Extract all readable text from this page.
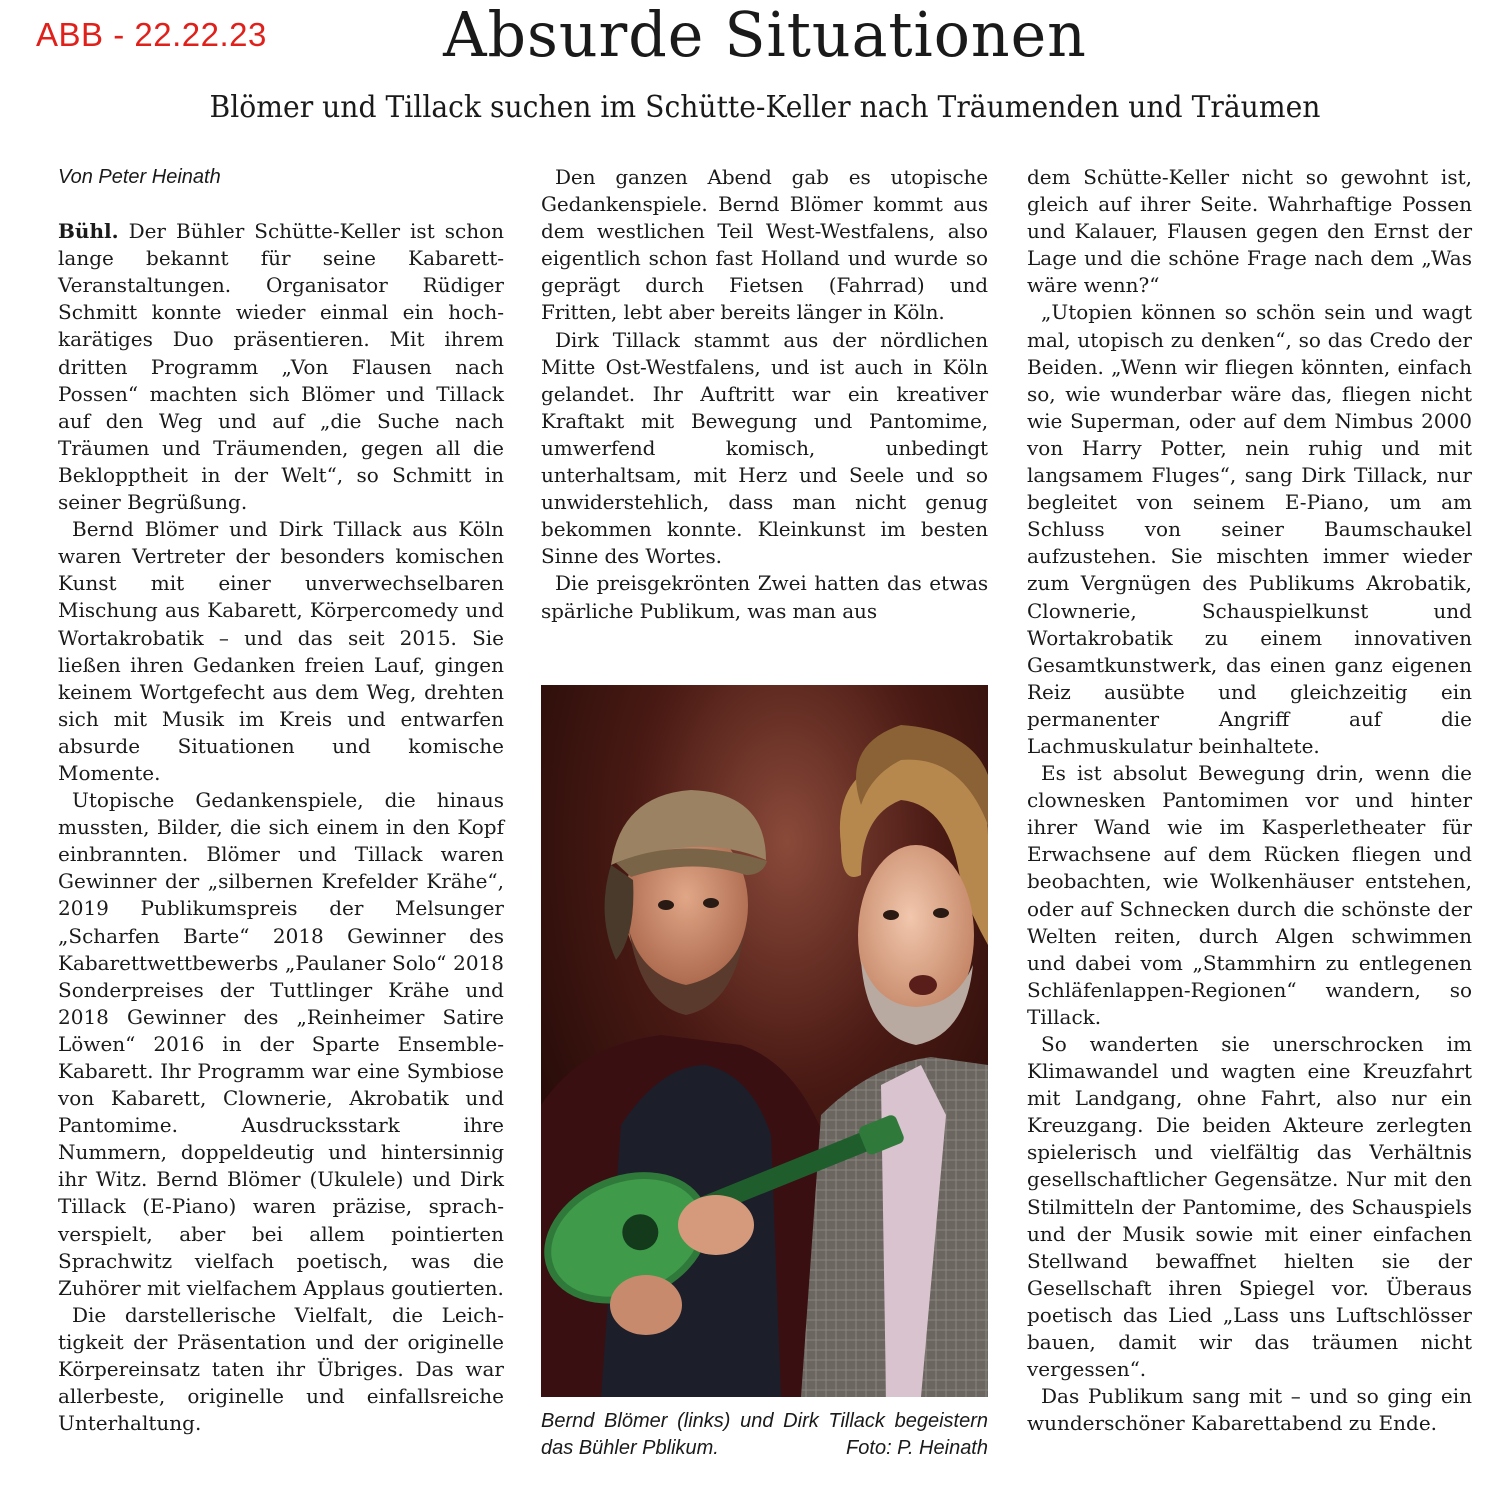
ABB - 22.22.23	Absurde Situationen
Blömer und Tillack suchen im Schütte-Keller nach Träumenden und Träumen

Von Peter Heinath

Bühl. Der Bühler Schütte-Keller ist schon lange bekannt für seine Kabarett-Veranstaltungen. Organisator Rüdiger Schmitt konnte wieder einmal ein hochkarätiges Duo präsentieren. Mit ihrem dritten Programm „Von Flausen nach Possen“ machten sich Blömer und Tillack auf den Weg und auf „die Suche nach Träumen und Träumenden, gegen all die Beklopptheit in der Welt“, so Schmitt in seiner Begrüßung.

Bernd Blömer und Dirk Tillack aus Köln waren Vertreter der besonders komischen Kunst mit einer unverwechselbaren Mischung aus Kabarett, Körpercomedy und Wortakrobatik – und das seit 2015. Sie ließen ihren Gedanken freien Lauf, gingen keinem Wortgefecht aus dem Weg, drehten sich mit Musik im Kreis und entwarfen absurde Situationen und komische Momente.

Utopische Gedankenspiele, die hinaus mussten, Bilder, die sich einem in den Kopf einbrannten. Blömer und Tillack waren Gewinner der „silbernen Krefelder Krähe“, 2019 Publikumspreis der Melsunger „Scharfen Barte“ 2018 Gewinner des Kabarettwettbewerbs „Paulaner Solo“ 2018 Sonderpreises der Tuttlinger Krähe und 2018 Gewinner des „Reinheimer Satire Löwen“ 2016 in der Sparte Ensemble-Kabarett. Ihr Programm war eine Symbiose von Kabarett, Clownerie, Akrobatik und Pantomime. Ausdrucksstark ihre Nummern, doppeldeutig und hintersinnig ihr Witz. Bernd Blömer (Ukulele) und Dirk Tillack (E-Piano) waren präzise, sprach-verspielt, aber bei allem pointierten Sprachwitz vielfach poetisch, was die Zuhörer mit vielfachem Applaus goutierten.

Die darstellerische Vielfalt, die Leichtigkeit der Präsentation und der originelle Körpereinsatz taten ihr Übriges. Das war allerbeste, originelle und einfallsreiche Unterhaltung.

Den ganzen Abend gab es utopische Gedankenspiele. Bernd Blömer kommt aus dem westlichen Teil West-Westfalens, also eigentlich schon fast Holland und wurde so geprägt durch Fietsen (Fahrrad) und Fritten, lebt aber bereits länger in Köln.

Dirk Tillack stammt aus der nördlichen Mitte Ost-Westfalens, und ist auch in Köln gelandet. Ihr Auftritt war ein kreativer Kraftakt mit Bewegung und Pantomime, umwerfend komisch, unbedingt unterhaltsam, mit Herz und Seele und so unwiderstehlich, dass man nicht genug bekommen konnte. Kleinkunst im besten Sinne des Wortes.

Die preisgekrönten Zwei hatten das etwas spärliche Publikum, was man aus

Bernd Blömer (links) und Dirk Tillack begeistern das Bühler Pblikum.	Foto: P. Heinath

dem Schütte-Keller nicht so gewohnt ist, gleich auf ihrer Seite. Wahrhaftige Possen und Kalauer, Flausen gegen den Ernst der Lage und die schöne Frage nach dem „Was wäre wenn?“

„Utopien können so schön sein und wagt mal, utopisch zu denken“, so das Credo der Beiden. „Wenn wir fliegen könnten, einfach so, wie wunderbar wäre das, fliegen nicht wie Superman, oder auf dem Nimbus 2000 von Harry Potter, nein ruhig und mit langsamem Fluges“, sang Dirk Tillack, nur begleitet von seinem E-Piano, um am Schluss von seiner Baumschaukel aufzustehen. Sie mischten immer wieder zum Vergnügen des Publikums Akrobatik, Clownerie, Schauspielkunst und Wortakrobatik zu einem innovativen Gesamtkunstwerk, das einen ganz eigenen Reiz ausübte und gleichzeitig ein permanenter Angriff auf die Lachmuskulatur beinhaltete.

Es ist absolut Bewegung drin, wenn die clownesken Pantomimen vor und hinter ihrer Wand wie im Kasperletheater für Erwachsene auf dem Rücken fliegen und beobachten, wie Wolkenhäuser entstehen, oder auf Schnecken durch die schönste der Welten reiten, durch Algen schwimmen und dabei vom „Stammhirn zu entlegenen Schläfenlappen-Regionen“ wandern, so Tillack.

So wanderten sie unerschrocken im Klimawandel und wagten eine Kreuzfahrt mit Landgang, ohne Fahrt, also nur ein Kreuzgang. Die beiden Akteure zerlegten spielerisch und vielfältig das Verhältnis gesellschaftlicher Gegensätze. Nur mit den Stilmitteln der Pantomime, des Schauspiels und der Musik sowie mit einer einfachen Stellwand bewaffnet hielten sie der Gesellschaft ihren Spiegel vor. Überaus poetisch das Lied „Lass uns Luftschlösser bauen, damit wir das träumen nicht vergessen“.

Das Publikum sang mit – und so ging ein wunderschöner Kabarettabend zu Ende.
